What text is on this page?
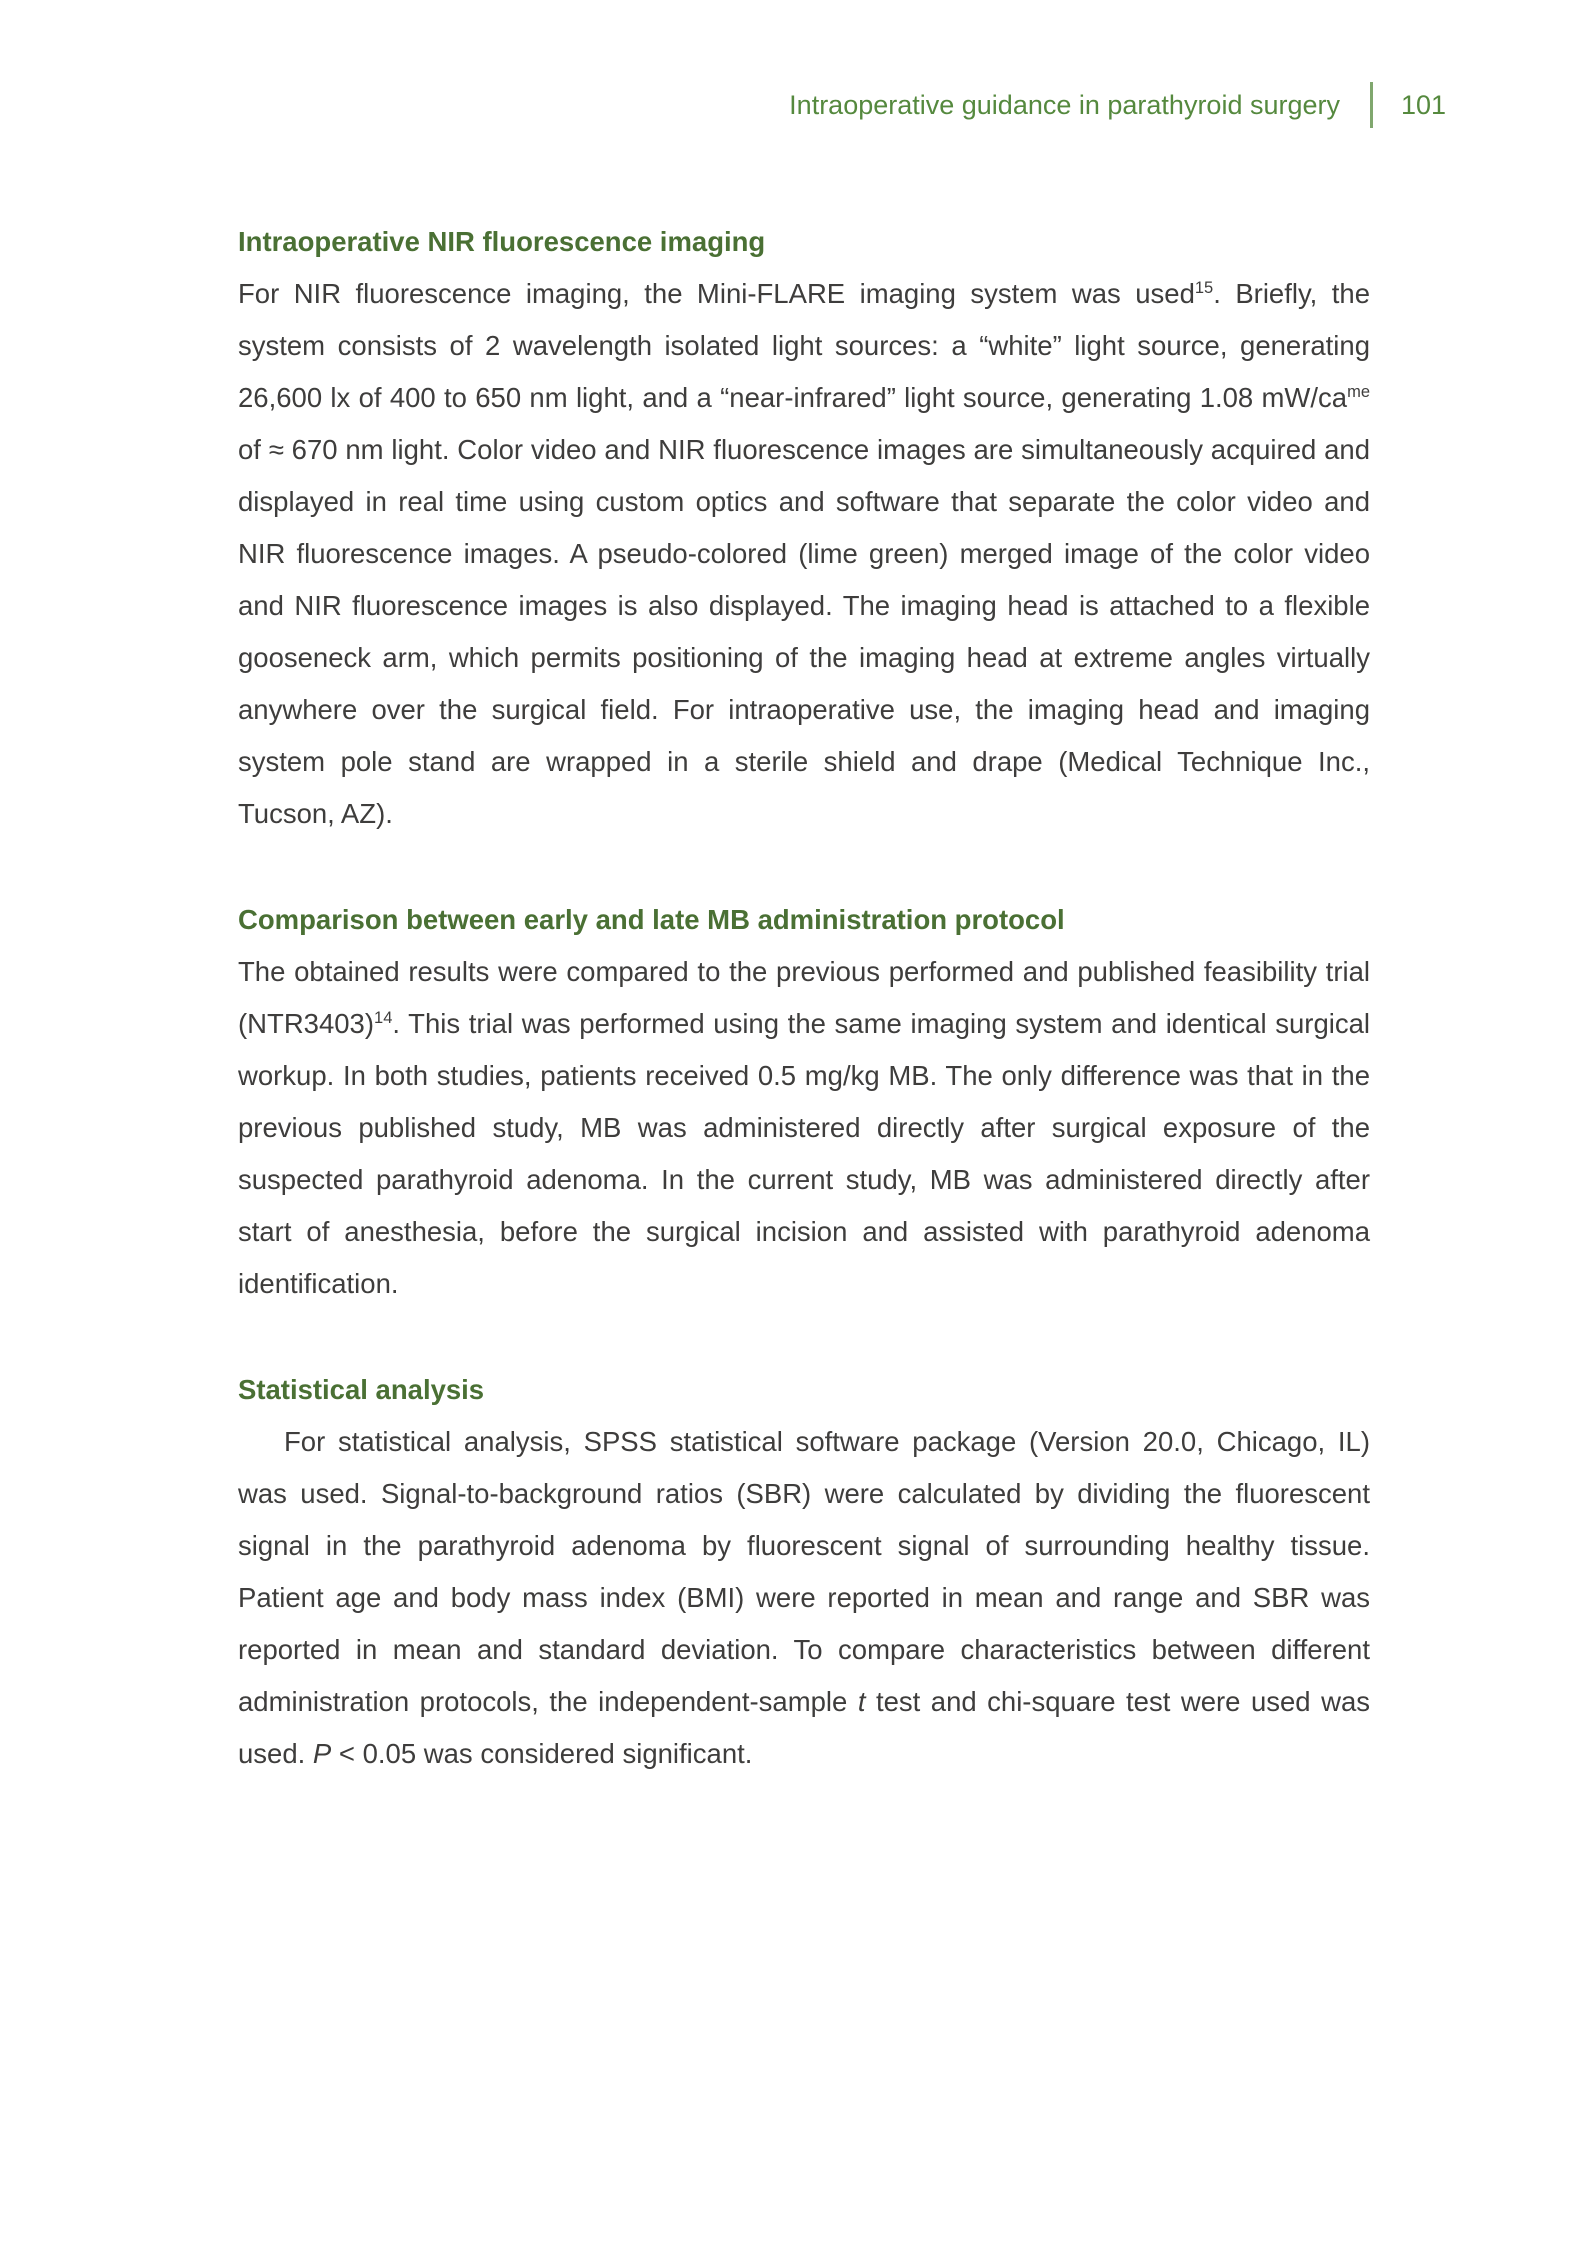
Intraoperative guidance in parathyroid surgery 101
Intraoperative NIR fluorescence imaging

For NIR fluorescence imaging, the Mini-FLARE imaging system was used$^{15}$. Briefly, the system consists of 2 wavelength isolated light sources: a “white” light source, generating 26,600 lx of 400 to 650 nm light, and a “near-infrared” light source, generating 1.08 mW/ca$^{me}$ of ≈ 670 nm light. Color video and NIR fluorescence images are simultaneously acquired and displayed in real time using custom optics and software that separate the color video and NIR fluorescence images. A pseudo-colored (lime green) merged image of the color video and NIR fluorescence images is also displayed. The imaging head is attached to a flexible gooseneck arm, which permits positioning of the imaging head at extreme angles virtually anywhere over the surgical field. For intraoperative use, the imaging head and imaging system pole stand are wrapped in a sterile shield and drape (Medical Technique Inc., Tucson, AZ).

Comparison between early and late MB administration protocol

The obtained results were compared to the previous performed and published feasibility trial (NTR3403)$^{14}$. This trial was performed using the same imaging system and identical surgical workup. In both studies, patients received 0.5 mg/kg MB. The only difference was that in the previous published study, MB was administered directly after surgical exposure of the suspected parathyroid adenoma. In the current study, MB was administered directly after start of anesthesia, before the surgical incision and assisted with parathyroid adenoma identification.

Statistical analysis

For statistical analysis, SPSS statistical software package (Version 20.0, Chicago, IL) was used. Signal-to-background ratios (SBR) were calculated by dividing the fluorescent signal in the parathyroid adenoma by fluorescent signal of surrounding healthy tissue. Patient age and body mass index (BMI) were reported in mean and range and SBR was reported in mean and standard deviation. To compare characteristics between different administration protocols, the independent-sample t test and chi-square test were used was used. P < 0.05 was considered significant.
